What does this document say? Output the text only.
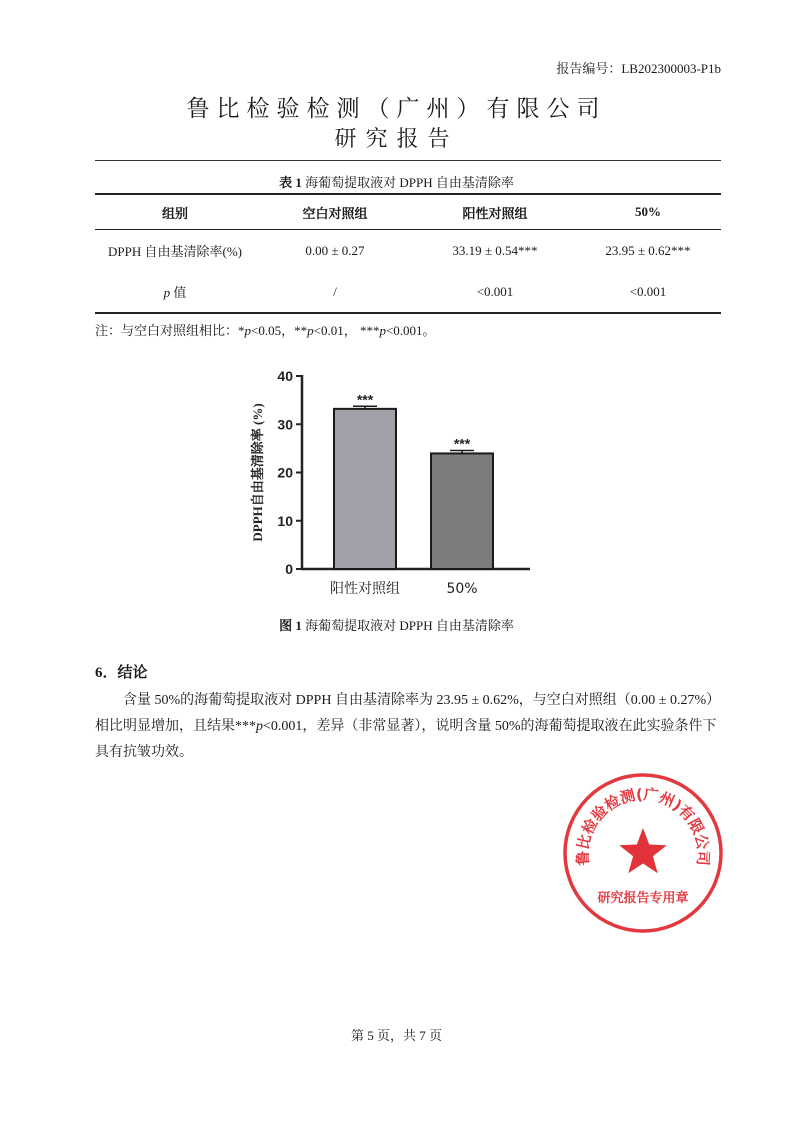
报告编号：LB202300003-P1b
鲁比检验检测（广州）有限公司
研究报告
表 1 海葡萄提取液对 DPPH 自由基清除率
组别	空白对照组	阳性对照组	50%
DPPH 自由基清除率(%)	0.00 ± 0.27	33.19 ± 0.54***	23.95 ± 0.62***
p 值	/	<0.001	<0.001
注：与空白对照组相比：*p<0.05，**p<0.01， ***p<0.001。
0
10
20
30
40
***
阳性对照组
***
50%
DPPH自由基清除率 (%)
图 1 海葡萄提取液对 DPPH 自由基清除率
6．结论

含量 50%的海葡萄提取液对 DPPH 自由基清除率为 23.95 ± 0.62%，与空白对照组（0.00 ± 0.27%）相比明显增加，且结果***p<0.001，差异（非常显著），说明含量 50%的海葡萄提取液在此实验条件下具有抗皱功效。

鲁比检验检测(广州)有限公司
研究报告专用章
第 5 页，共 7 页
